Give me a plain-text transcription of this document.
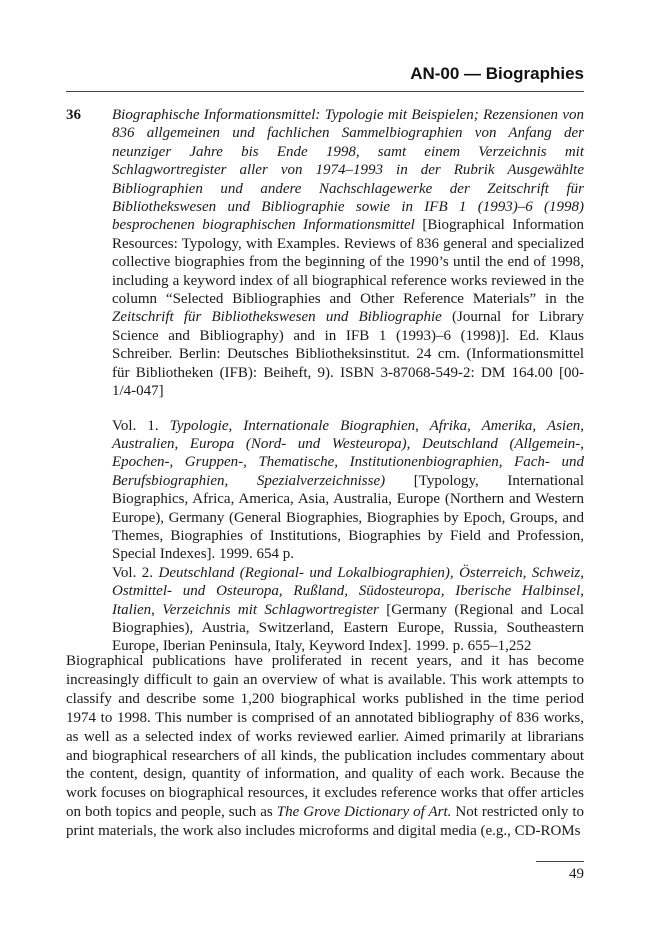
AN-00 — Biographies
36 Biographische Informationsmittel: Typologie mit Beispielen; Rezensionen von 836 allgemeinen und fachlichen Sammelbiographien von Anfang der neunziger Jahre bis Ende 1998, samt einem Verzeichnis mit Schlagwortregister aller von 1974–1993 in der Rubrik Ausgewählte Bibliographien und andere Nachschlagewerke der Zeitschrift für Bibliothekswesen und Bibliographie sowie in IFB 1 (1993)–6 (1998) besprochenen biographischen Informationsmittel [Biographical Information Resources: Typology, with Examples. Reviews of 836 general and specialized collective biographies from the beginning of the 1990’s until the end of 1998, including a keyword index of all biographical reference works reviewed in the column “Selected Bibliographies and Other Reference Materials” in the Zeitschrift für Bibliothekswesen und Bibliographie (Journal for Library Science and Bibliography) and in IFB 1 (1993)–6 (1998)]. Ed. Klaus Schreiber. Berlin: Deutsches Bibliotheksinstitut. 24 cm. (Informationsmittel für Bibliotheken (IFB): Beiheft, 9). ISBN 3-87068-549-2: DM 164.00 [00-1/4-047]

Vol. 1. Typologie, Internationale Biographien, Afrika, Amerika, Asien, Australien, Europa (Nord- und Westeuropa), Deutschland (Allgemein-, Epochen-, Gruppen-, Thematische, Institutionenbiographien, Fach- und Berufsbiographien, Spezialverzeichnisse) [Typology, International Biographics, Africa, America, Asia, Australia, Europe (Northern and Western Europe), Germany (General Biographies, Biographies by Epoch, Groups, and Themes, Biographies of Institutions, Biographies by Field and Profession, Special Indexes]. 1999. 654 p.

Vol. 2. Deutschland (Regional- und Lokalbiographien), Österreich, Schweiz, Ostmittel- und Osteuropa, Rußland, Südosteuropa, Iberische Halbinsel, Italien, Verzeichnis mit Schlagwortregister [Germany (Regional and Local Biographies), Austria, Switzerland, Eastern Europe, Russia, Southeastern Europe, Iberian Peninsula, Italy, Keyword Index]. 1999. p. 655–1,252

Biographical publications have proliferated in recent years, and it has become increasingly difficult to gain an overview of what is available. This work attempts to classify and describe some 1,200 biographical works published in the time period 1974 to 1998. This number is comprised of an annotated bibliography of 836 works, as well as a selected index of works reviewed earlier. Aimed primarily at librarians and biographical researchers of all kinds, the publication includes commentary about the content, design, quantity of information, and quality of each work. Because the work focuses on biographical resources, it excludes reference works that offer articles on both topics and people, such as The Grove Dictionary of Art. Not restricted only to print materials, the work also includes microforms and digital media (e.g., CD-ROMs

49
